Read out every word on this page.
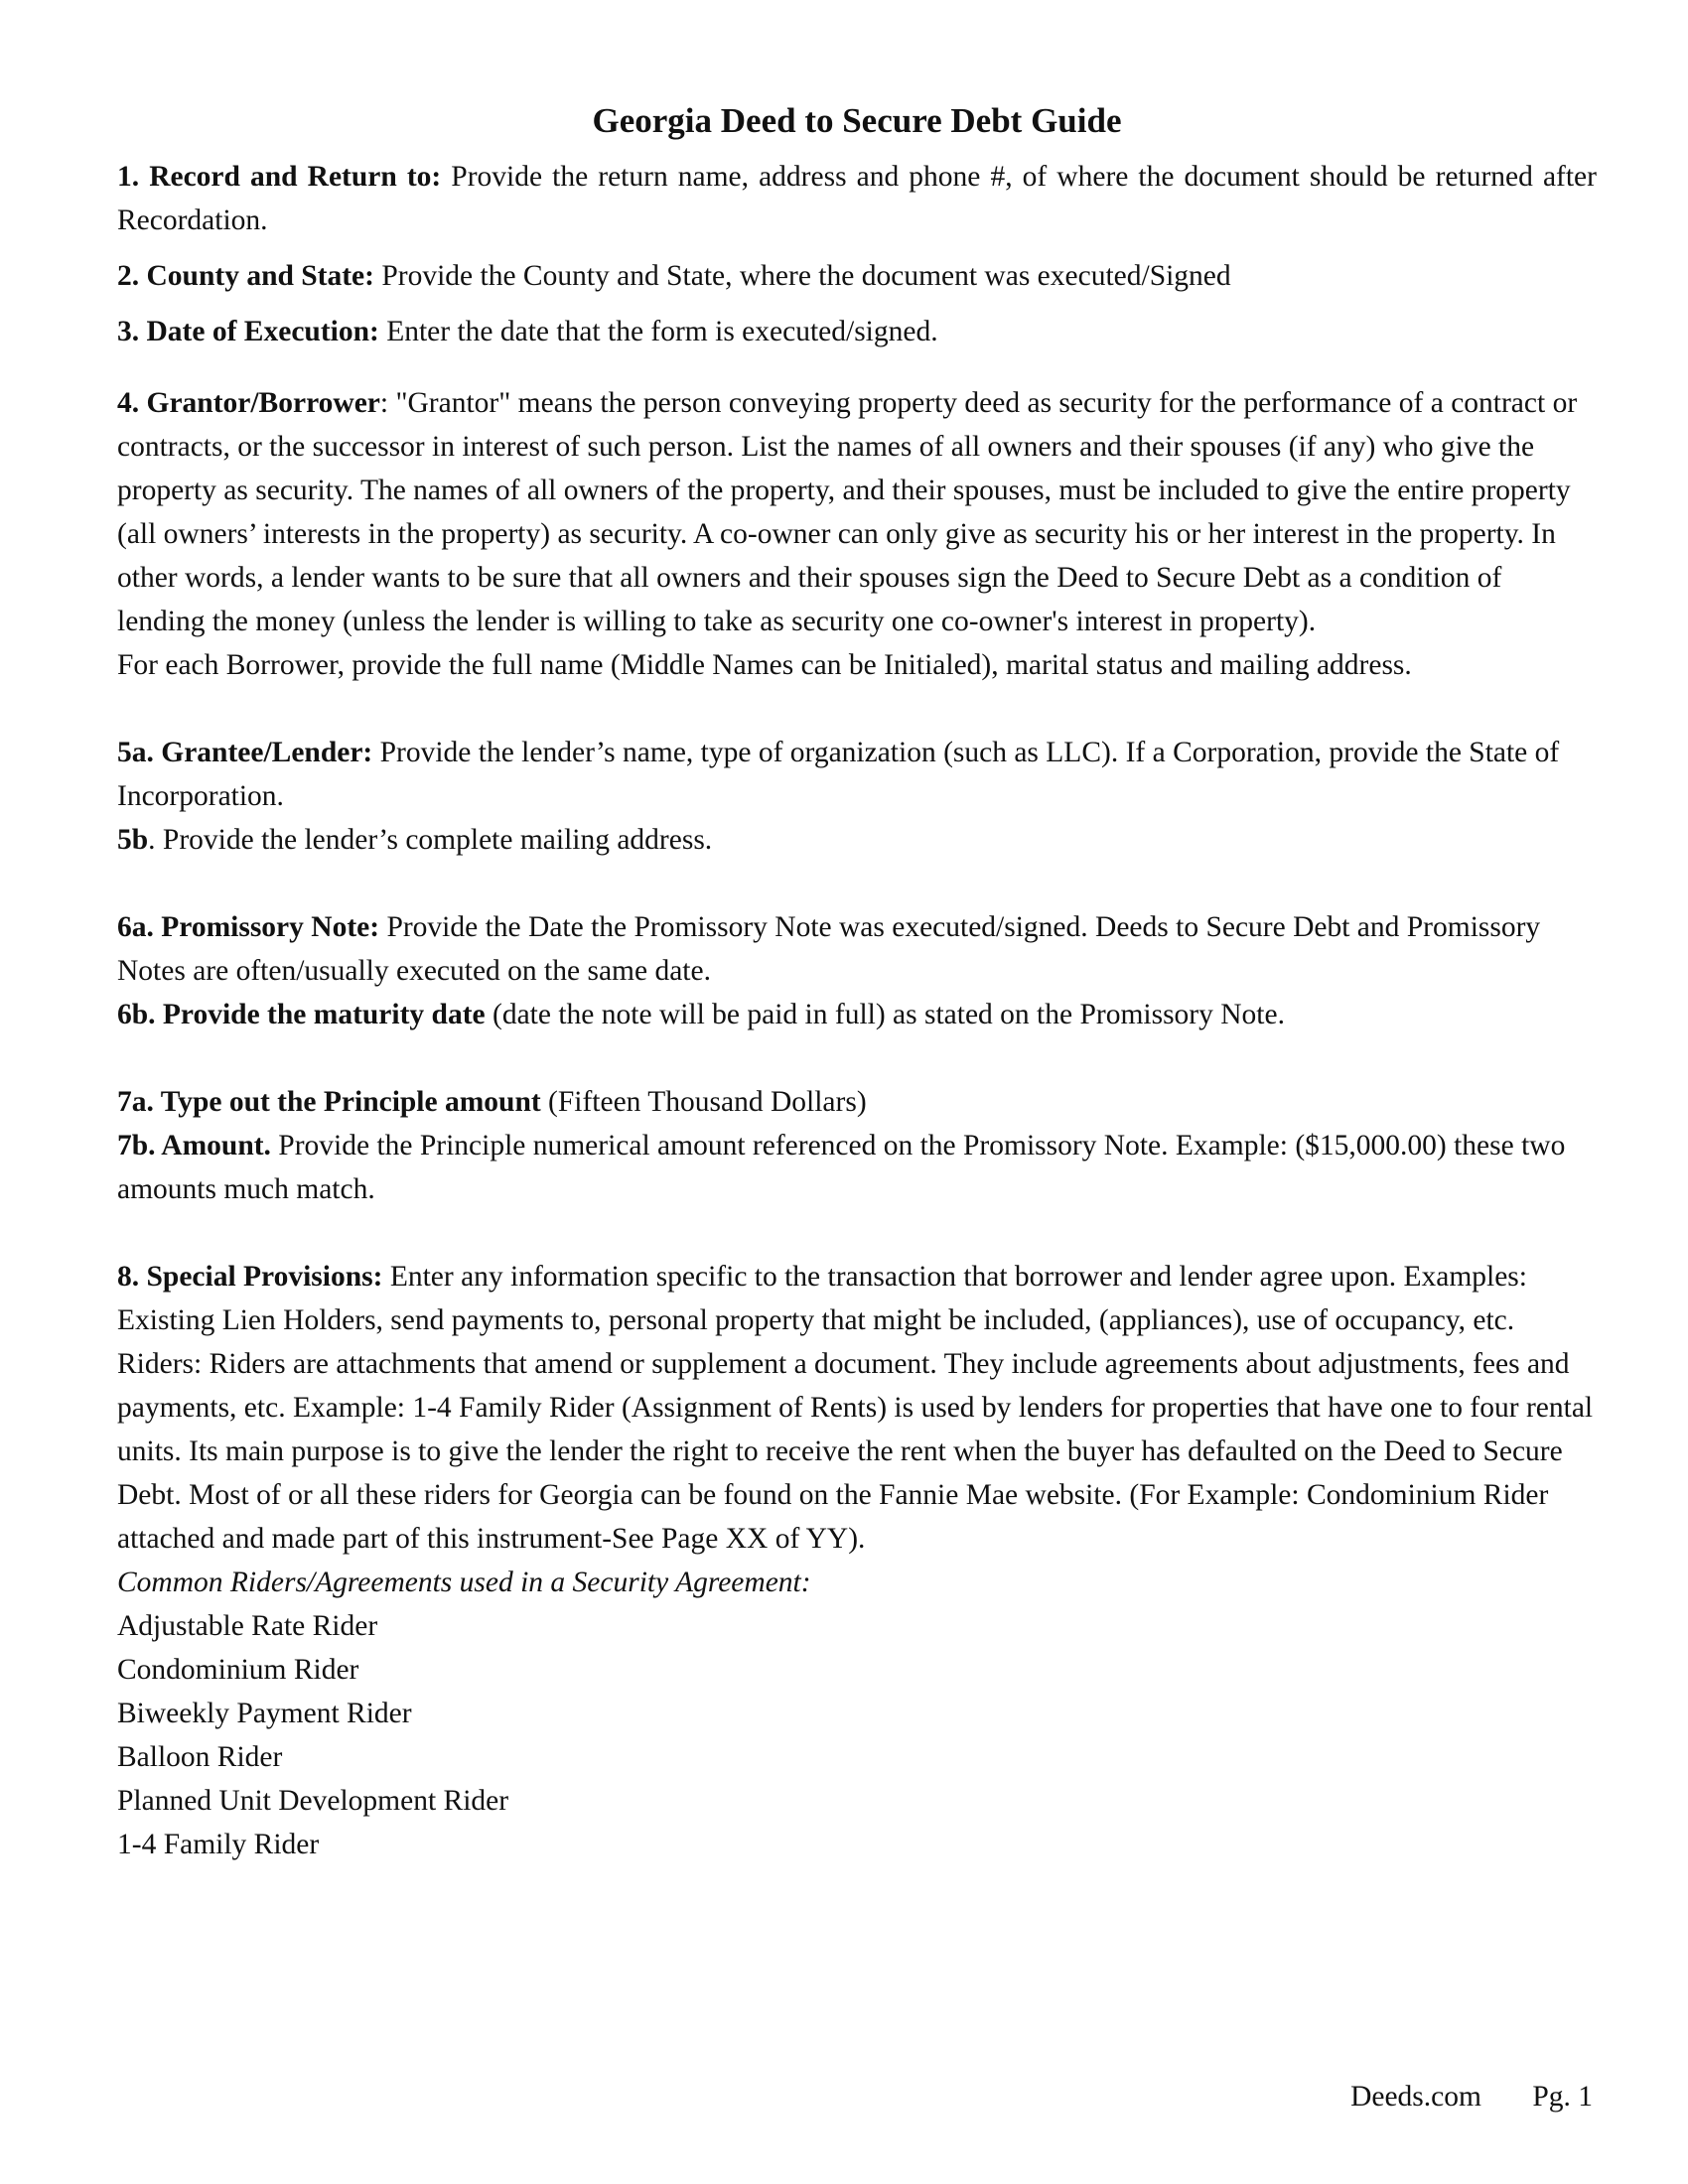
Georgia Deed to Secure Debt Guide

1. Record and Return to: Provide the return name, address and phone #, of where the document should be returned after Recordation.

2. County and State: Provide the County and State, where the document was executed/Signed

3. Date of Execution: Enter the date that the form is executed/signed.

4. Grantor/Borrower: "Grantor" means the person conveying property deed as security for the performance of a contract or contracts, or the successor in interest of such person. List the names of all owners and their spouses (if any) who give the property as security. The names of all owners of the property, and their spouses, must be included to give the entire property (all owners’ interests in the property) as security. A co-owner can only give as security his or her interest in the property. In other words, a lender wants to be sure that all owners and their spouses sign the Deed to Secure Debt as a condition of lending the money (unless the lender is willing to take as security one co-owner's interest in property).

For each Borrower, provide the full name (Middle Names can be Initialed), marital status and mailing address.

5a. Grantee/Lender: Provide the lender’s name, type of organization (such as LLC). If a Corporation, provide the State of Incorporation.

5b. Provide the lender’s complete mailing address.

6a. Promissory Note: Provide the Date the Promissory Note was executed/signed. Deeds to Secure Debt and Promissory Notes are often/usually executed on the same date.

6b. Provide the maturity date (date the note will be paid in full) as stated on the Promissory Note.

7a. Type out the Principle amount (Fifteen Thousand Dollars)

7b. Amount. Provide the Principle numerical amount referenced on the Promissory Note. Example: ($15,000.00) these two amounts much match.

8. Special Provisions: Enter any information specific to the transaction that borrower and lender agree upon. Examples: Existing Lien Holders, send payments to, personal property that might be included, (appliances), use of occupancy, etc.

Riders: Riders are attachments that amend or supplement a document. They include agreements about adjustments, fees and payments, etc. Example: 1-4 Family Rider (Assignment of Rents) is used by lenders for properties that have one to four rental units. Its main purpose is to give the lender the right to receive the rent when the buyer has defaulted on the Deed to Secure Debt. Most of or all these riders for Georgia can be found on the Fannie Mae website. (For Example: Condominium Rider attached and made part of this instrument-See Page XX of YY).

Common Riders/Agreements used in a Security Agreement:

Adjustable Rate Rider

Condominium Rider

Biweekly Payment Rider

Balloon Rider

Planned Unit Development Rider

1-4 Family Rider

Deeds.com Pg. 1
